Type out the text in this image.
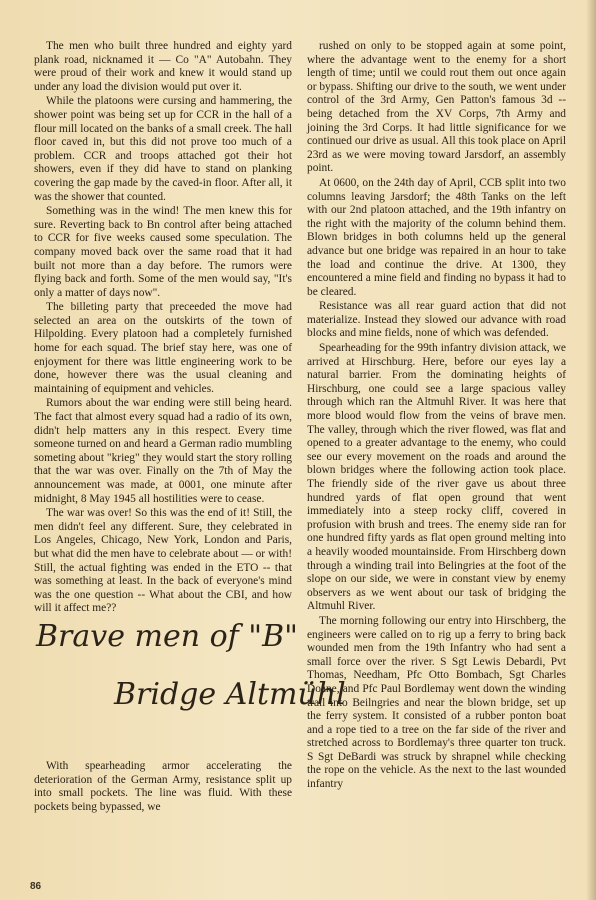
The men who built three hundred and eighty yard plank road, nicknamed it — Co "A" Autobahn. They were proud of their work and knew it would stand up under any load the division would put over it.

While the platoons were cursing and hammering, the shower point was being set up for CCR in the hall of a flour mill located on the banks of a small creek. The hall floor caved in, but this did not prove too much of a problem. CCR and troops attached got their hot showers, even if they did have to stand on planking covering the gap made by the caved-in floor. After all, it was the shower that counted.

Something was in the wind! The men knew this for sure. Reverting back to Bn control after being attached to CCR for five weeks caused some speculation. The company moved back over the same road that it had built not more than a day before. The rumors were flying back and forth. Some of the men would say, "It's only a matter of days now".

The billeting party that preceeded the move had selected an area on the outskirts of the town of Hilpolding. Every platoon had a completely furnished home for each squad. The brief stay here, was one of enjoyment for there was little engineering work to be done, however there was the usual cleaning and maintaining of equipment and vehicles.

Rumors about the war ending were still being heard. The fact that almost every squad had a radio of its own, didn't help matters any in this respect. Every time someone turned on and heard a German radio mumbling someting about "krieg" they would start the story rolling that the war was over. Finally on the 7th of May the announcement was made, at 0001, one minute after midnight, 8 May 1945 all hostilities were to cease.

The war was over! So this was the end of it! Still, the men didn't feel any different. Sure, they celebrated in Los Angeles, Chicago, New York, London and Paris, but what did the men have to celebrate about — or with! Still, the actual fighting was ended in the ETO -- that was something at least. In the back of everyone's mind was the one question -- What about the CBI, and how will it affect me??

Brave men of "B"
Bridge Altmühl

With spearheading armor accelerating the deterioration of the German Army, resistance split up into small pockets. The line was fluid. With these pockets being bypassed, we

rushed on only to be stopped again at some point, where the advantage went to the enemy for a short length of time; until we could rout them out once again or bypass. Shifting our drive to the south, we went under control of the 3rd Army, Gen Patton's famous 3d -- being detached from the XV Corps, 7th Army and joining the 3rd Corps. It had little significance for we continued our drive as usual. All this took place on April 23rd as we were moving toward Jarsdorf, an assembly point.

At 0600, on the 24th day of April, CCB split into two columns leaving Jarsdorf; the 48th Tanks on the left with our 2nd platoon attached, and the 19th infantry on the right with the majority of the column behind them. Blown bridges in both columns held up the general advance but one bridge was repaired in an hour to take the load and continue the drive. At 1300, they encountered a mine field and finding no bypass it had to be cleared.

Resistance was all rear guard action that did not materialize. Instead they slowed our advance with road blocks and mine fields, none of which was defended.

Spearheading for the 99th infantry division attack, we arrived at Hirschburg. Here, before our eyes lay a natural barrier. From the dominating heights of Hirschburg, one could see a large spacious valley through which ran the Altmuhl River. It was here that more blood would flow from the veins of brave men. The valley, through which the river flowed, was flat and opened to a greater advantage to the enemy, who could see our every movement on the roads and around the blown bridges where the following action took place. The friendly side of the river gave us about three hundred yards of flat open ground that went immediately into a steep rocky cliff, covered in profusion with brush and trees. The enemy side ran for one hundred fifty yards as flat open ground melting into a heavily wooded mountainside. From Hirschberg down through a winding trail into Belingries at the foot of the slope on our side, we were in constant view by enemy observers as we went about our task of bridging the Altmuhl River.

The morning following our entry into Hirschberg, the engineers were called on to rig up a ferry to bring back wounded men from the 19th Infantry who had sent a small force over the river. S Sgt Lewis Debardi, Pvt Thomas, Needham, Pfc Otto Bombach, Sgt Charles Doane, and Pfc Paul Bordlemay went down the winding trail into Beilngries and near the blown bridge, set up the ferry system. It consisted of a rubber ponton boat and a rope tied to a tree on the far side of the river and stretched across to Bordlemay's three quarter ton truck. S Sgt DeBardi was struck by shrapnel while checking the rope on the vehicle. As the next to the last wounded infantry

86
